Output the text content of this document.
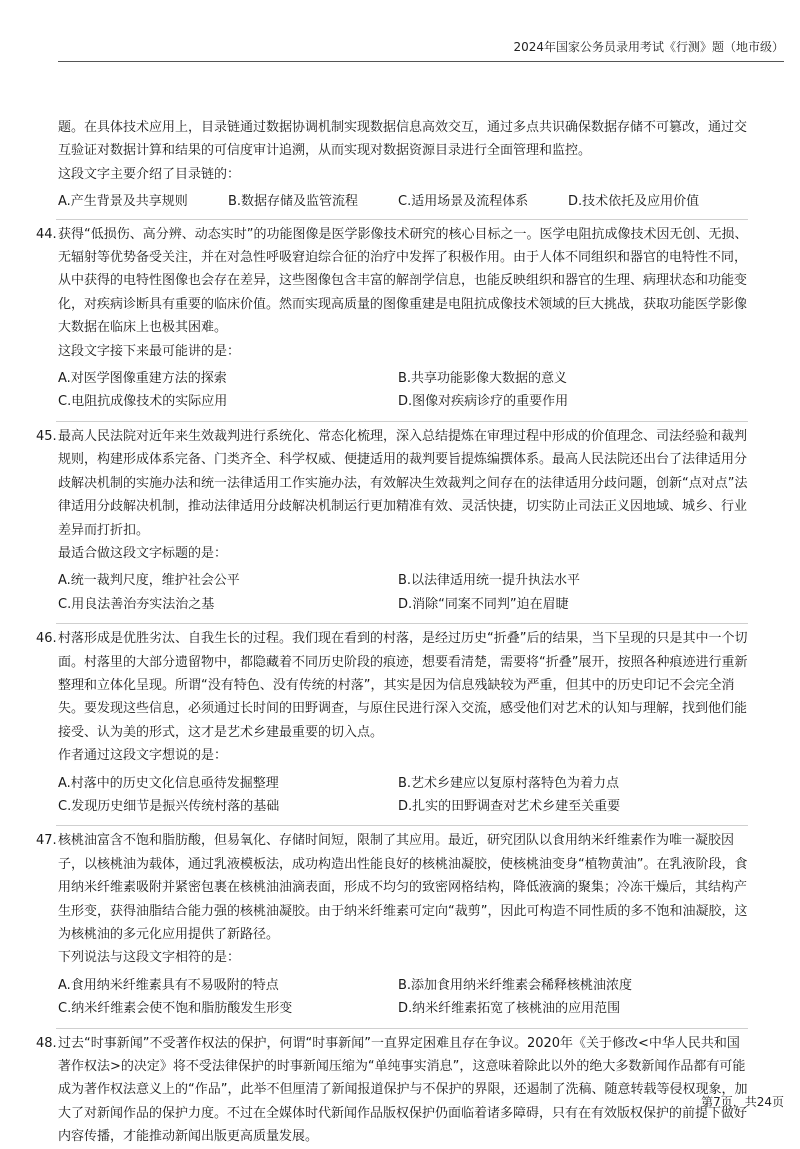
2024年国家公务员录用考试《行测》题（地市级）

题。在具体技术应用上，目录链通过数据协调机制实现数据信息高效交互，通过多点共识确保数据存储不可篡改，通过交互验证对数据计算和结果的可信度审计追溯，从而实现对数据资源目录进行全面管理和监控。

这段文字主要介绍了目录链的：

A.产生背景及共享规则	B.数据存储及监管流程	C.适用场景及流程体系	D.技术依托及应用价值
44. 获得“低损伤、高分辨、动态实时”的功能图像是医学影像技术研究的核心目标之一。医学电阻抗成像技术因无创、无损、无辐射等优势备受关注，并在对急性呼吸窘迫综合征的治疗中发挥了积极作用。由于人体不同组织和器官的电特性不同，从中获得的电特性图像也会存在差异，这些图像包含丰富的解剖学信息，也能反映组织和器官的生理、病理状态和功能变化，对疾病诊断具有重要的临床价值。然而实现高质量的图像重建是电阻抗成像技术领域的巨大挑战，获取功能医学影像大数据在临床上也极其困难。

这段文字接下来最可能讲的是：

A.对医学图像重建方法的探索	B.共享功能影像大数据的意义
C.电阻抗成像技术的实际应用	D.图像对疾病诊疗的重要作用
45. 最高人民法院对近年来生效裁判进行系统化、常态化梳理，深入总结提炼在审理过程中形成的价值理念、司法经验和裁判规则，构建形成体系完备、门类齐全、科学权威、便捷适用的裁判要旨提炼编撰体系。最高人民法院还出台了法律适用分歧解决机制的实施办法和统一法律适用工作实施办法，有效解决生效裁判之间存在的法律适用分歧问题，创新“点对点”法律适用分歧解决机制，推动法律适用分歧解决机制运行更加精准有效、灵活快捷，切实防止司法正义因地域、城乡、行业差异而打折扣。

最适合做这段文字标题的是：

A.统一裁判尺度，维护社会公平	B.以法律适用统一提升执法水平
C.用良法善治夯实法治之基	D.消除“同案不同判”迫在眉睫
46. 村落形成是优胜劣汰、自我生长的过程。我们现在看到的村落，是经过历史“折叠”后的结果，当下呈现的只是其中一个切面。村落里的大部分遗留物中，都隐藏着不同历史阶段的痕迹，想要看清楚，需要将“折叠”展开，按照各种痕迹进行重新整理和立体化呈现。所谓“没有特色、没有传统的村落”，其实是因为信息残缺较为严重，但其中的历史印记不会完全消失。要发现这些信息，必须通过长时间的田野调查，与原住民进行深入交流，感受他们对艺术的认知与理解，找到他们能接受、认为美的形式，这才是艺术乡建最重要的切入点。

作者通过这段文字想说的是：

A.村落中的历史文化信息亟待发掘整理	B.艺术乡建应以复原村落特色为着力点
C.发现历史细节是振兴传统村落的基础	D.扎实的田野调查对艺术乡建至关重要
47. 核桃油富含不饱和脂肪酸，但易氧化、存储时间短，限制了其应用。最近，研究团队以食用纳米纤维素作为唯一凝胶因子，以核桃油为载体，通过乳液模板法，成功构造出性能良好的核桃油凝胶，使核桃油变身“植物黄油”。在乳液阶段，食用纳米纤维素吸附并紧密包裹在核桃油油滴表面，形成不均匀的致密网格结构，降低液滴的聚集；冷冻干燥后，其结构产生形变，获得油脂结合能力强的核桃油凝胶。由于纳米纤维素可定向“裁剪”，因此可构造不同性质的多不饱和油凝胶，这为核桃油的多元化应用提供了新路径。

下列说法与这段文字相符的是：

A.食用纳米纤维素具有不易吸附的特点	B.添加食用纳米纤维素会稀释核桃油浓度
C.纳米纤维素会使不饱和脂肪酸发生形变	D.纳米纤维素拓宽了核桃油的应用范围
48. 过去“时事新闻”不受著作权法的保护，何谓“时事新闻”一直界定困难且存在争议。2020年《关于修改<中华人民共和国著作权法>的决定》将不受法律保护的时事新闻压缩为“单纯事实消息”，这意味着除此以外的绝大多数新闻作品都有可能成为著作权法意义上的“作品”，此举不但厘清了新闻报道保护与不保护的界限，还遏制了洗稿、随意转载等侵权现象，加大了对新闻作品的保护力度。不过在全媒体时代新闻作品版权保护仍面临着诸多障碍，只有在有效版权保护的前提下做好内容传播，才能推动新闻出版更高质量发展。

第7页，共24页
